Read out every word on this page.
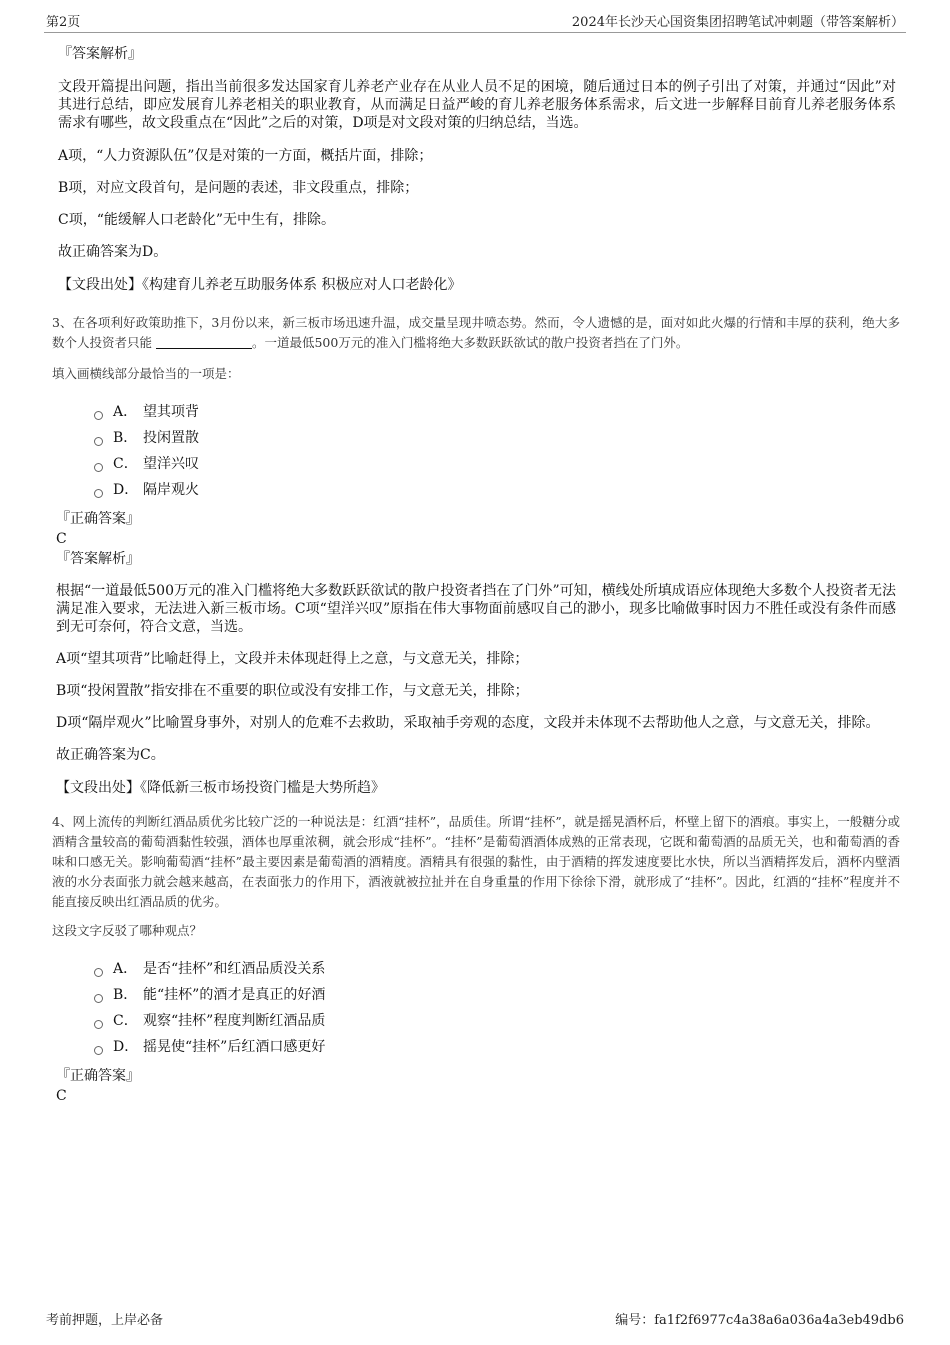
第2页	2024年长沙天心国资集团招聘笔试冲刺题（带答案解析）

『答案解析』

文段开篇提出问题，指出当前很多发达国家育儿养老产业存在从业人员不足的困境，随后通过日本的例子引出了对策，并通过“因此”对其进行总结，即应发展育儿养老相关的职业教育，从而满足日益严峻的育儿养老服务体系需求，后文进一步解释目前育儿养老服务体系需求有哪些，故文段重点在“因此”之后的对策，D项是对文段对策的归纳总结，当选。

A项，“人力资源队伍”仅是对策的一方面，概括片面，排除；

B项，对应文段首句，是问题的表述，非文段重点，排除；

C项，“能缓解人口老龄化”无中生有，排除。

故正确答案为D。

【文段出处】《构建育儿养老互助服务体系 积极应对人口老龄化》

3、在各项利好政策助推下，3月份以来，新三板市场迅速升温，成交量呈现井喷态势。然而，令人遗憾的是，面对如此火爆的行情和丰厚的获利，绝大多数个人投资者只能	。一道最低500万元的准入门槛将绝大多数跃跃欲试的散户投资者挡在了门外。

填入画横线部分最恰当的一项是：

A． 望其项背
B． 投闲置散
C． 望洋兴叹
D． 隔岸观火

『正确答案』

C

『答案解析』

根据“一道最低500万元的准入门槛将绝大多数跃跃欲试的散户投资者挡在了门外”可知，横线处所填成语应体现绝大多数个人投资者无法满足准入要求，无法进入新三板市场。C项“望洋兴叹”原指在伟大事物面前感叹自己的渺小，现多比喻做事时因力不胜任或没有条件而感到无可奈何，符合文意，当选。

A项“望其项背”比喻赶得上，文段并未体现赶得上之意，与文意无关，排除；

B项“投闲置散”指安排在不重要的职位或没有安排工作，与文意无关，排除；

D项“隔岸观火”比喻置身事外，对别人的危难不去救助，采取袖手旁观的态度，文段并未体现不去帮助他人之意，与文意无关，排除。

故正确答案为C。

【文段出处】《降低新三板市场投资门槛是大势所趋》

4、网上流传的判断红酒品质优劣比较广泛的一种说法是：红酒“挂杯”，品质佳。所谓“挂杯”，就是摇晃酒杯后，杯壁上留下的酒痕。事实上，一般糖分或酒精含量较高的葡萄酒黏性较强，酒体也厚重浓稠，就会形成“挂杯”。“挂杯”是葡萄酒酒体成熟的正常表现，它既和葡萄酒的品质无关，也和葡萄酒的香味和口感无关。影响葡萄酒“挂杯”最主要因素是葡萄酒的酒精度。酒精具有很强的黏性，由于酒精的挥发速度要比水快，所以当酒精挥发后，酒杯内壁酒液的水分表面张力就会越来越高，在表面张力的作用下，酒液就被拉扯并在自身重量的作用下徐徐下滑，就形成了“挂杯”。因此，红酒的“挂杯”程度并不能直接反映出红酒品质的优劣。

这段文字反驳了哪种观点？

A． 是否“挂杯”和红酒品质没关系
B． 能“挂杯”的酒才是真正的好酒
C． 观察“挂杯”程度判断红酒品质
D． 摇晃使“挂杯”后红酒口感更好

『正确答案』

C

考前押题，上岸必备	编号：fa1f2f6977c4a38a6a036a4a3eb49db6
